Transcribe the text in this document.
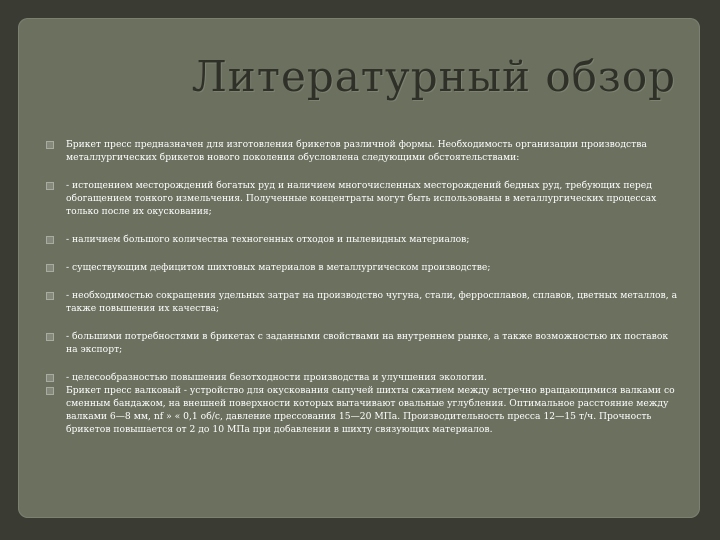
Литературный обзор
Брикет пресс предназначен для изготовления брикетов различной формы. Необходимость организации производства металлургических брикетов нового поколения обусловлена следующими обстоятельствами:
- истощением месторождений богатых руд и наличием многочисленных месторождений бедных руд, требующих перед обогащением тонкого измельчения. Полученные концентраты могут быть использованы в металлургических процессах только после их окускования;
- наличием большого количества техногенных отходов и пылевидных материалов;
- существующим дефицитом шихтовых материалов в металлургическом производстве;
- необходимостью сокращения удельных затрат на производство чугуна, стали, ферросплавов, сплавов, цветных металлов, а также повышения их качества;
- большими потребностями в брикетах с заданными свойствами на внутреннем рынке, а также возможностью их поставок на экспорт;
- целесообразностью повышения безотходности производства и улучшения экологии.
Брикет пресс валковый - устройство для окускования сыпучей шихты сжатием между встречно вращающимися валками со сменным бандажом, на внешней поверхности которых вытачивают овальные углубления. Оптимальное расстояние между валками 6—8 мм, nf » « 0,1 об/с, давление прессования 15—20 МПа. Производительность пресса 12—15 т/ч. Прочность брикетов повышается от 2 до 10 МПа при добавлении в шихту связующих материалов.
